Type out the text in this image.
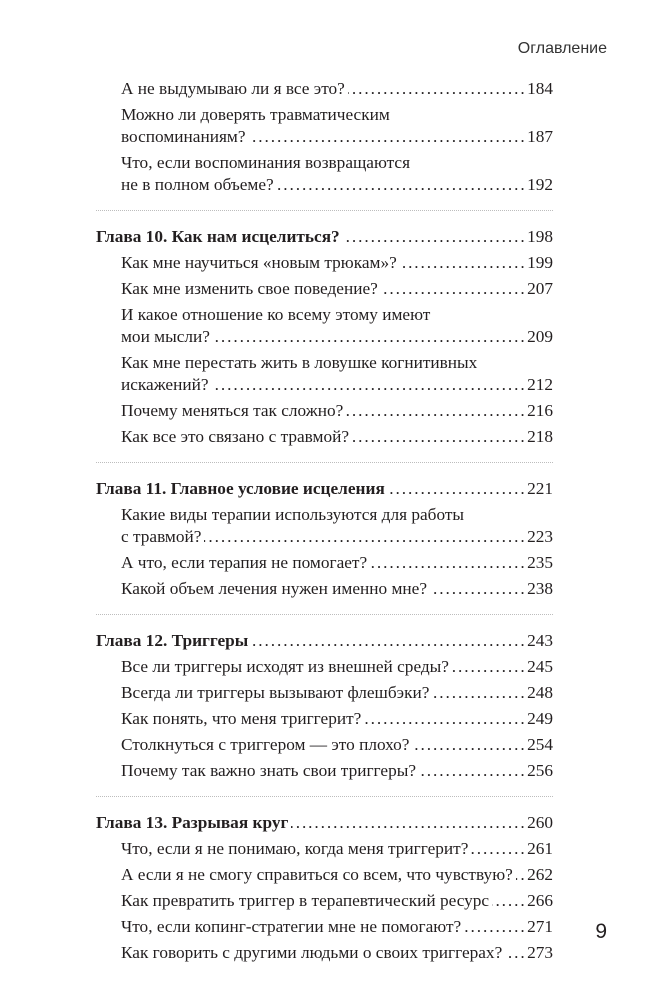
Оглавление
А не выдумываю ли я все это?	184
. . .
Можно ли доверять травматическим
воспоминаниям?	187
. . .
Что, если воспоминания возвращаются
не в полном объеме?	192
. . .
Глава 10. Как нам исцелиться?	198
. . .
Как мне научиться «новым трюкам»?	199
. . .
Как мне изменить свое поведение?	207
. . .
И какое отношение ко всему этому имеют
мои мысли?	209
. . .
Как мне перестать жить в ловушке когнитивных
искажений?	212
. . .
Почему меняться так сложно?	216
. . .
Как все это связано с травмой?	218
. . .
Глава 11. Главное условие исцеления	221
. . .
Какие виды терапии используются для работы
с травмой?	223
. . .
А что, если терапия не помогает?	235
. . .
Какой объем лечения нужен именно мне?	238
. . .
Глава 12. Триггеры	243
. . .
Все ли триггеры исходят из внешней среды?	245
. . .
Всегда ли триггеры вызывают флешбэки?	248
. . .
Как понять, что меня триггерит?	249
. . .
Столкнуться с триггером — это плохо?	254
. . .
Почему так важно знать свои триггеры?	256
. . .
Глава 13. Разрывая круг	260
. . .
Что, если я не понимаю, когда меня триггерит?	261
. . .
А если я не смогу справиться со всем, что чувствую? 262
. . .
Как превратить триггер в терапевтический ресурс 266
. . .
Что, если копинг-стратегии мне не помогают?	271
. . .
Как говорить с другими людьми о своих триггерах? 273
. . .
9
